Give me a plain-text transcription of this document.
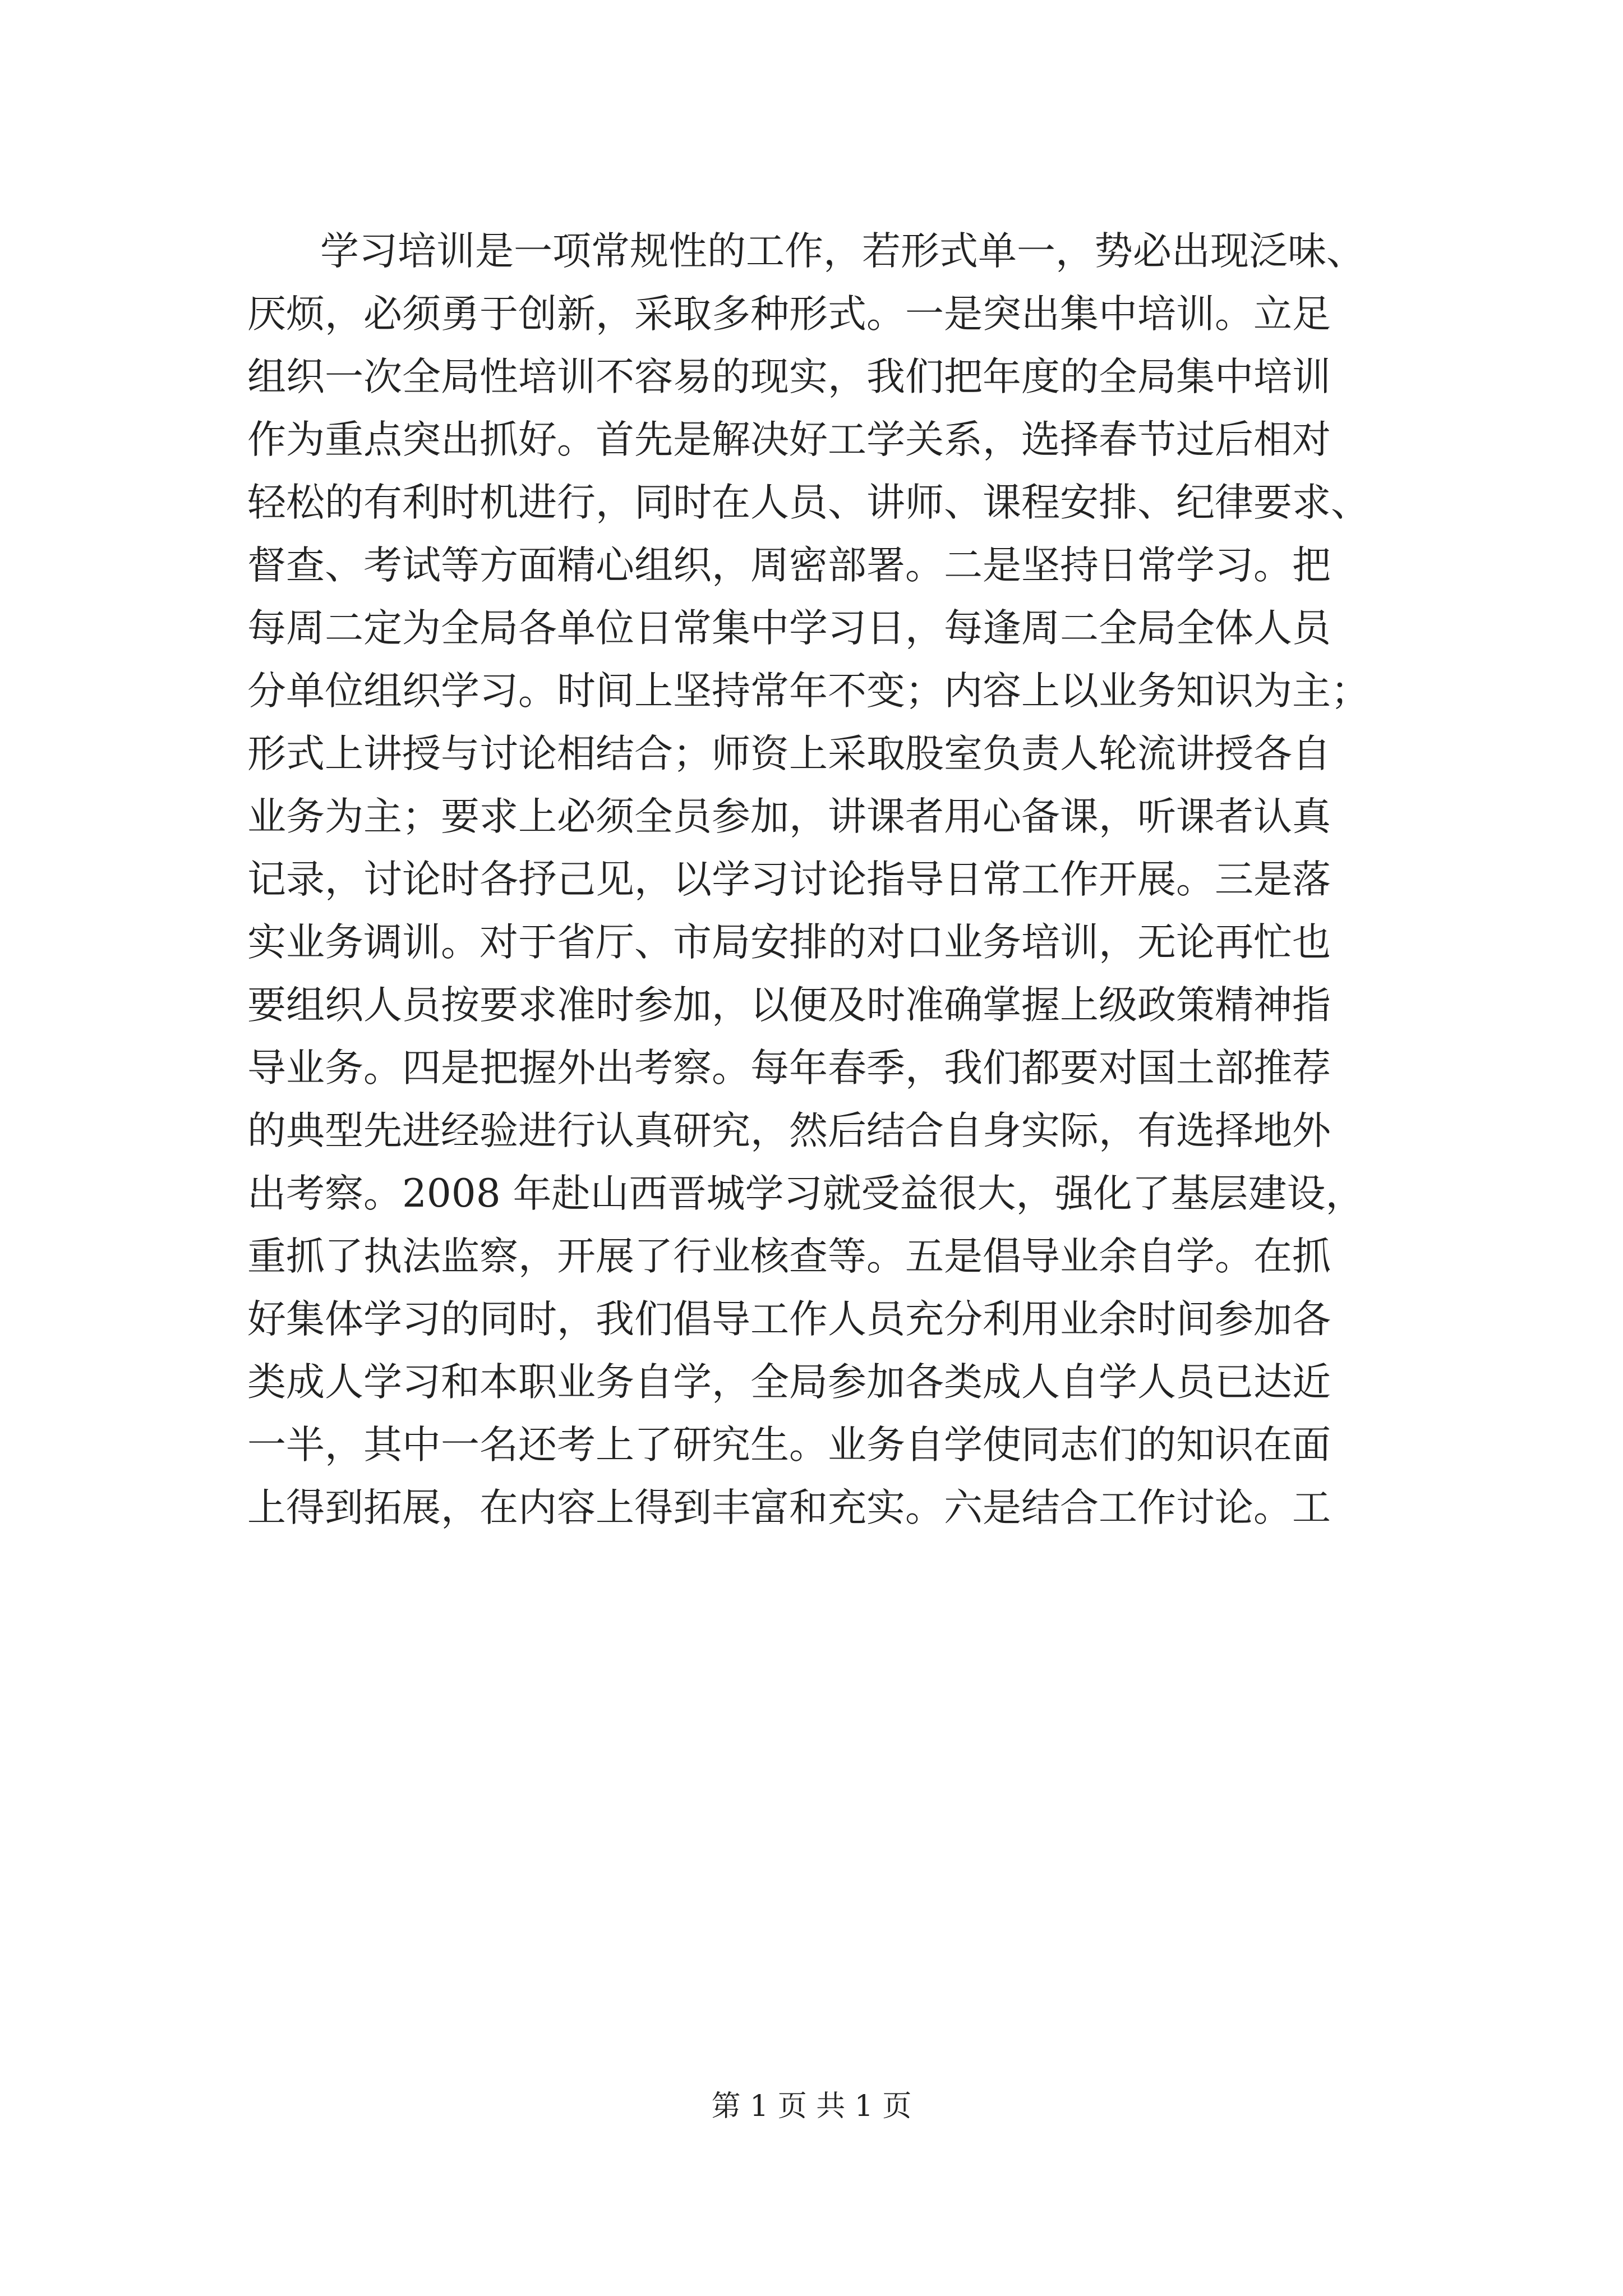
学习培训是一项常规性的工作，若形式单一，势必出现泛味、
厌烦，必须勇于创新，采取多种形式。一是突出集中培训。立足
组织一次全局性培训不容易的现实，我们把年度的全局集中培训
作为重点突出抓好。首先是解决好工学关系，选择春节过后相对
轻松的有利时机进行，同时在人员、讲师、课程安排、纪律要求、
督查、考试等方面精心组织，周密部署。二是坚持日常学习。把
每周二定为全局各单位日常集中学习日，每逢周二全局全体人员
分单位组织学习。时间上坚持常年不变；内容上以业务知识为主；
形式上讲授与讨论相结合；师资上采取股室负责人轮流讲授各自
业务为主；要求上必须全员参加，讲课者用心备课，听课者认真
记录，讨论时各抒己见，以学习讨论指导日常工作开展。三是落
实业务调训。对于省厅、市局安排的对口业务培训，无论再忙也
要组织人员按要求准时参加，以便及时准确掌握上级政策精神指
导业务。四是把握外出考察。每年春季，我们都要对国土部推荐
的典型先进经验进行认真研究，然后结合自身实际，有选择地外
出考察。2008 年赴山西晋城学习就受益很大，强化了基层建设，
重抓了执法监察，开展了行业核查等。五是倡导业余自学。在抓
好集体学习的同时，我们倡导工作人员充分利用业余时间参加各
类成人学习和本职业务自学，全局参加各类成人自学人员已达近
一半，其中一名还考上了研究生。业务自学使同志们的知识在面
上得到拓展，在内容上得到丰富和充实。六是结合工作讨论。工
第 1 页 共 1 页
